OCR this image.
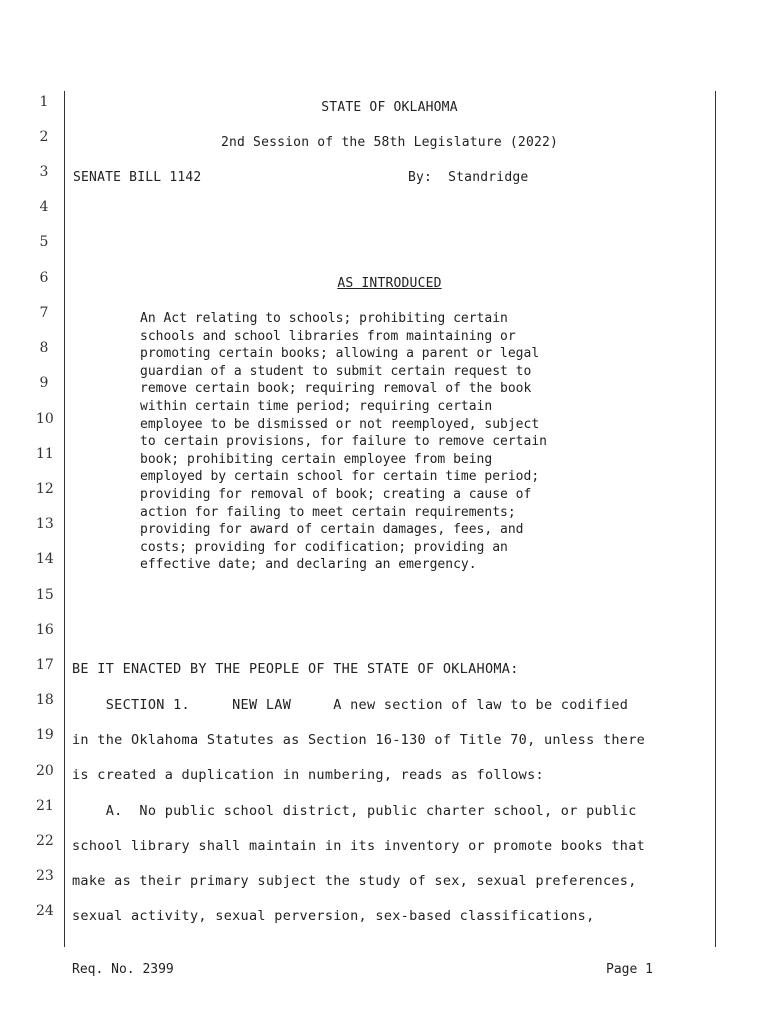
1
2
3
4
5
6
7
8
9
10
11
12
13
14
15
16
17
18
19
20
21
22
23
24
STATE OF OKLAHOMA
2nd Session of the 58th Legislature (2022)
SENATE BILL 1142	By:  Standridge
AS INTRODUCED
An Act relating to schools; prohibiting certain
schools and school libraries from maintaining or
promoting certain books; allowing a parent or legal
guardian of a student to submit certain request to
remove certain book; requiring removal of the book
within certain time period; requiring certain
employee to be dismissed or not reemployed, subject
to certain provisions, for failure to remove certain
book; prohibiting certain employee from being
employed by certain school for certain time period;
providing for removal of book; creating a cause of
action for failing to meet certain requirements;
providing for award of certain damages, fees, and
costs; providing for codification; providing an
effective date; and declaring an emergency.
BE IT ENACTED BY THE PEOPLE OF THE STATE OF OKLAHOMA:
SECTION 1.     NEW LAW     A new section of law to be codified
in the Oklahoma Statutes as Section 16-130 of Title 70, unless there
is created a duplication in numbering, reads as follows:
A.  No public school district, public charter school, or public
school library shall maintain in its inventory or promote books that
make as their primary subject the study of sex, sexual preferences,
sexual activity, sexual perversion, sex-based classifications,
Req. No. 2399	Page 1
